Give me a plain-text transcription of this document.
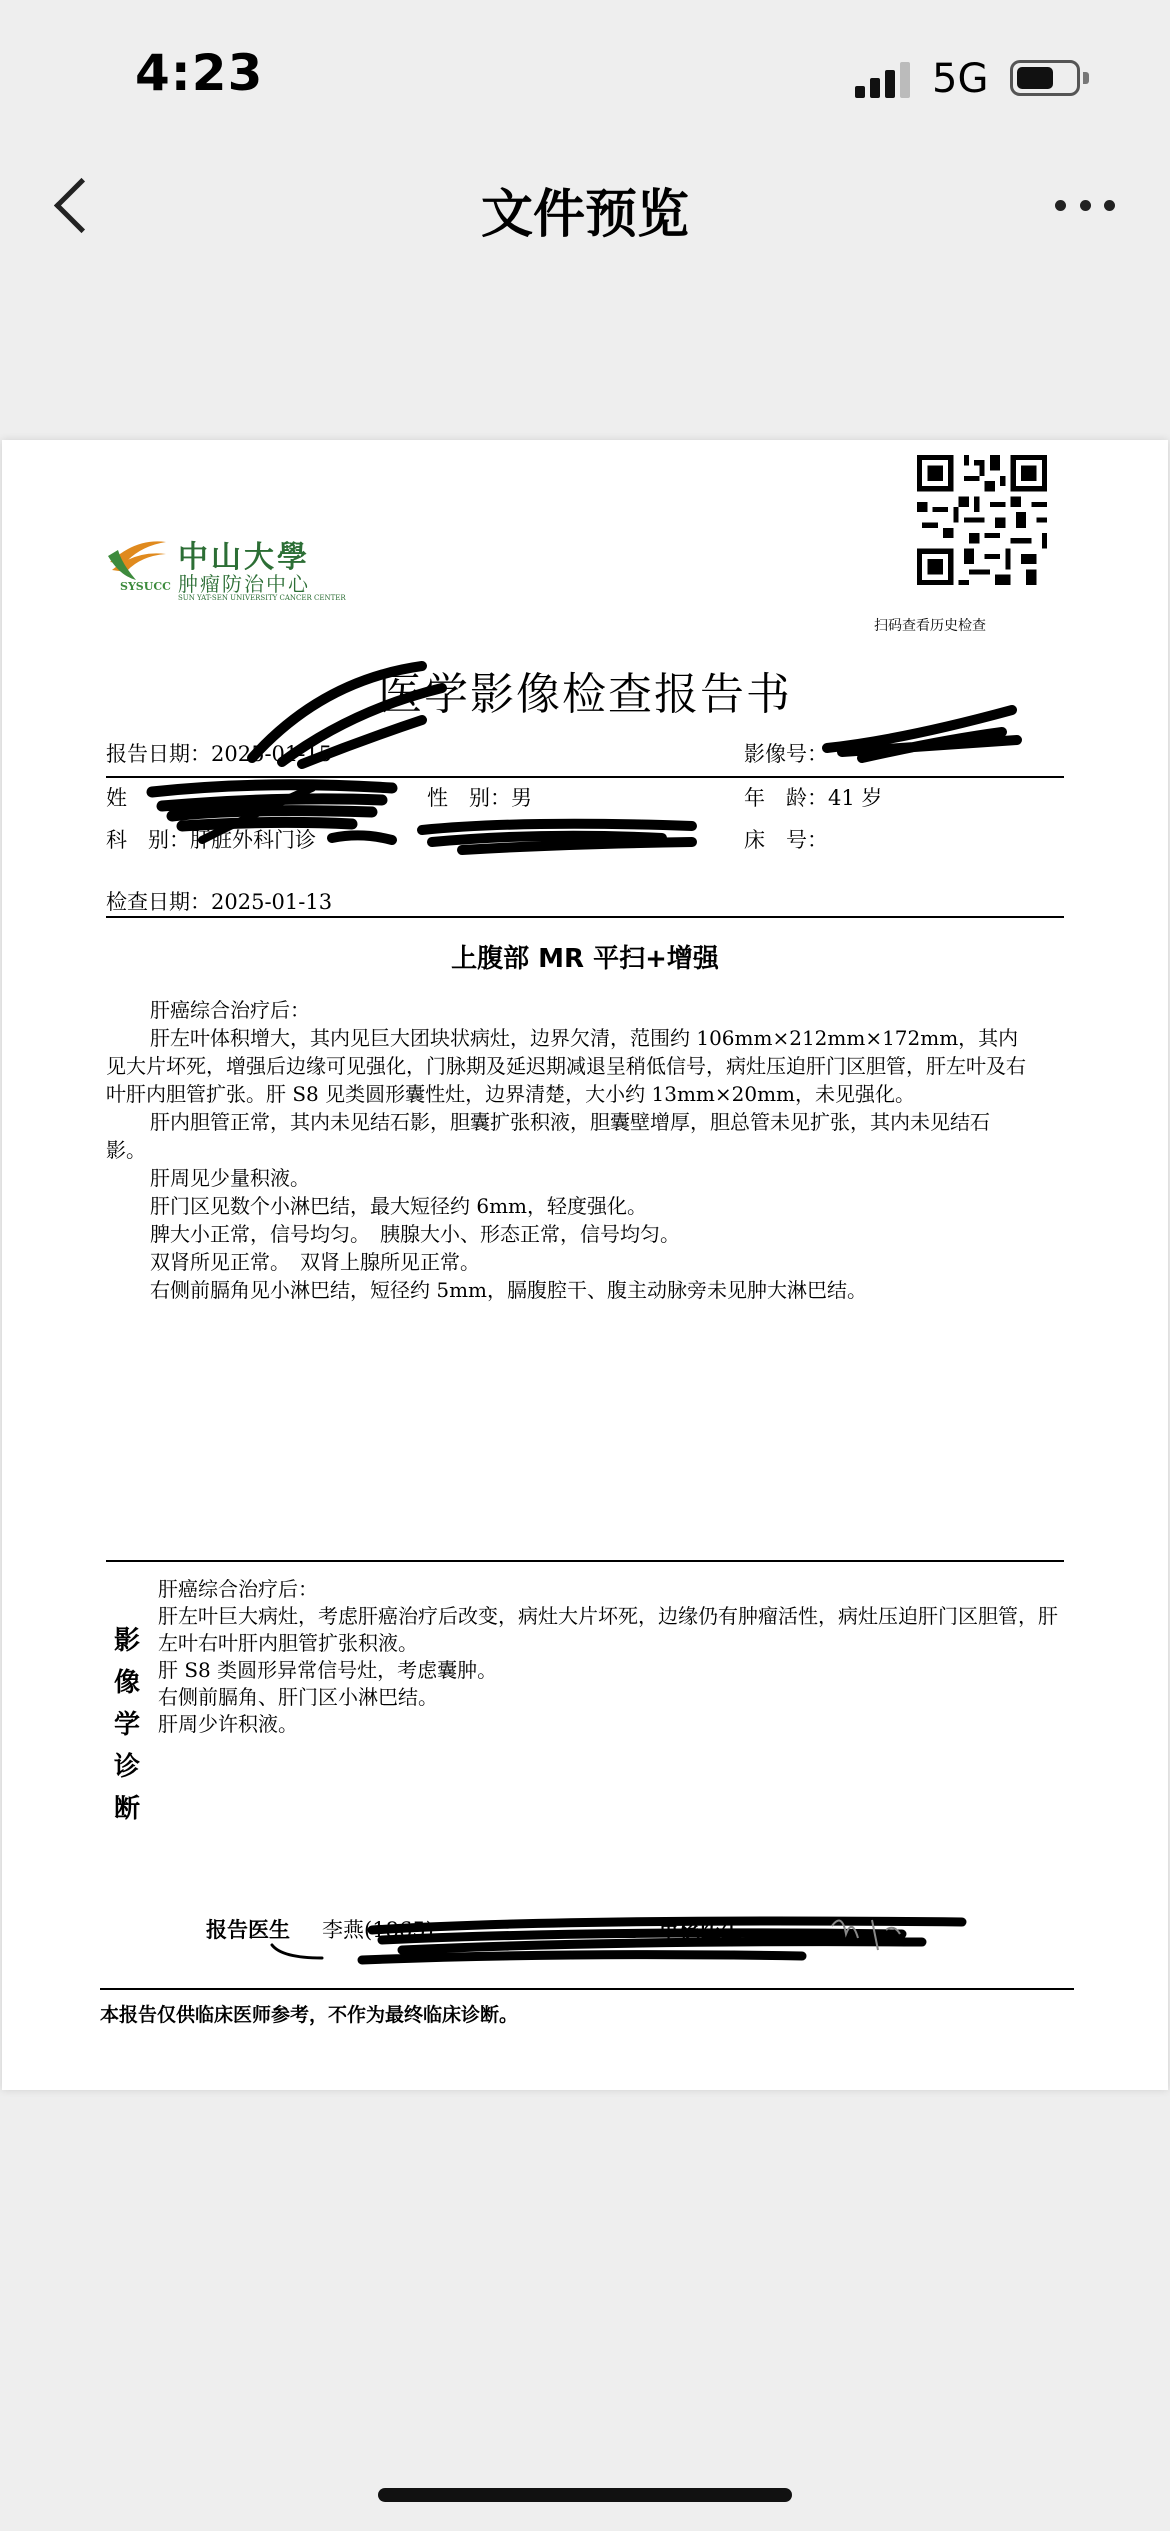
4:23	5G
文件预览
SYSUCC
中山大學
肿瘤防治中心
SUN YAT-SEN UNIVERSITY CANCER CENTER
扫码查看历史检查
医学影像检查报告书
报告日期：2025-01-15	影像号：
姓	性　别：男	年　龄：41 岁
科　别：肝脏外科门诊	床　号：
检查日期：2025-01-13
上腹部 MR 平扫+增强
肝癌综合治疗后：
肝左叶体积增大，其内见巨大团块状病灶，边界欠清，范围约 106mm×212mm×172mm，其内见大片坏死，增强后边缘可见强化，门脉期及延迟期减退呈稍低信号，病灶压迫肝门区胆管，肝左叶及右叶肝内胆管扩张。肝 S8 见类圆形囊性灶，边界清楚，大小约 13mm×20mm，未见强化。
肝内胆管正常，其内未见结石影，胆囊扩张积液，胆囊壁增厚，胆总管未见扩张，其内未见结石影。
肝周见少量积液。
肝门区见数个小淋巴结，最大短径约 6mm，轻度强化。
脾大小正常，信号均匀。　胰腺大小、形态正常，信号均匀。
双肾所见正常。　双肾上腺所见正常。
右侧前膈角见小淋巴结，短径约 5mm，膈腹腔干、腹主动脉旁未见肿大淋巴结。
影
像
学
诊
断
肝癌综合治疗后：
肝左叶巨大病灶，考虑肝癌治疗后改变，病灶大片坏死，边缘仍有肿瘤活性，病灶压迫肝门区胆管，肝左叶右叶肝内胆管扩张积液。
肝 S8 类圆形异常信号灶，考虑囊肿。
右侧前膈角、肝门区小淋巴结。
肝周少许积液。
报告医生 李燕(1865)	审核医生
本报告仅供临床医师参考，不作为最终临床诊断。
